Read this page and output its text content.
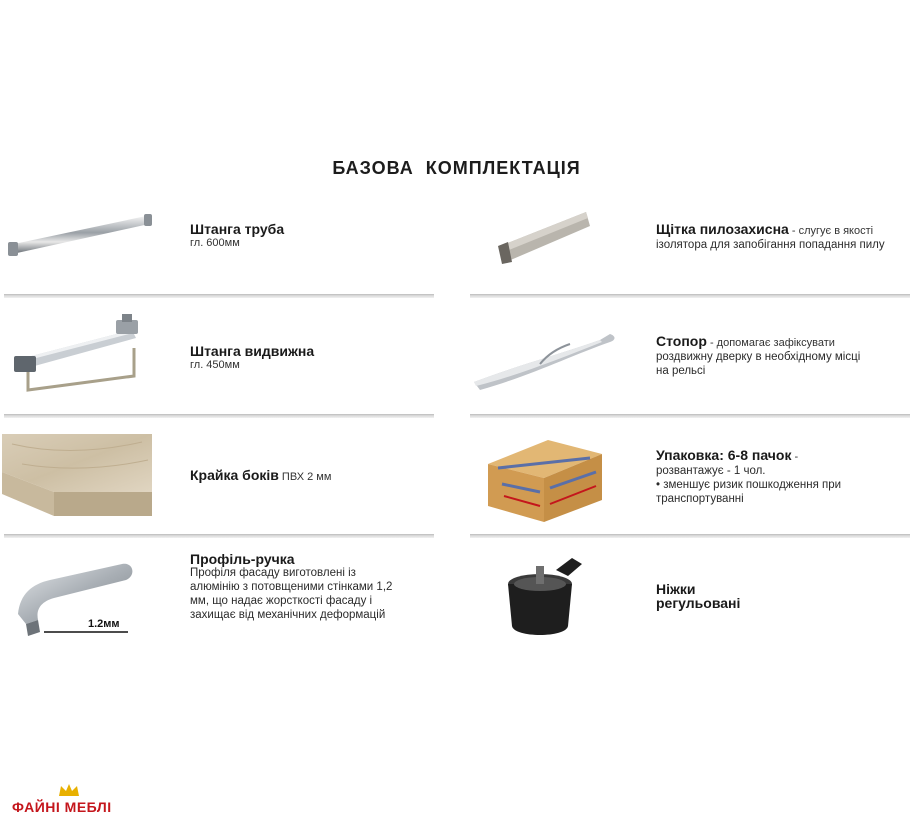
БАЗОВА КОМПЛЕКТАЦІЯ
Штанга труба
гл. 600мм
Щітка пилозахисна - слугує в якості
ізолятора для запобігання попадання пилу
Штанга видвижна
гл. 450мм
Стопор - допомагає зафіксувати
роздвижну дверку в необхідному місці на рельсі
Крайка боків ПВХ 2 мм
Упаковка: 6-8 пачок -
розвантажує - 1 чол.
• зменшує ризик пошкодження при транспортуванні
1.2мм
Профіль-ручка
Профіля фасаду виготовлені із алюмінію з потовщеними стінками 1,2 мм, що надає жорсткості фасаду і захищає від механічних деформацій
Ніжки регульовані
ФАЙНІ МЕБЛІ
